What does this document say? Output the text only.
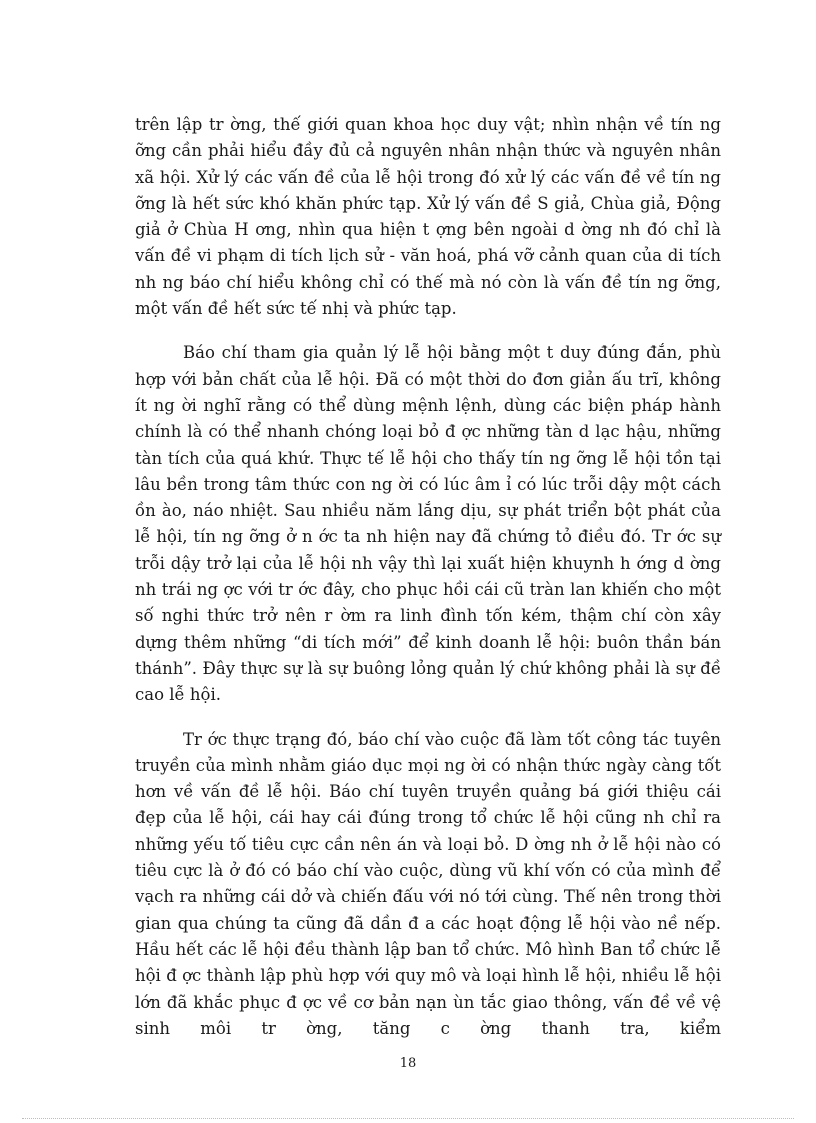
trên lập tr ờng, thế giới quan khoa học duy vật; nhìn nhận về tín ng ỡng cần phải hiểu đầy đủ cả nguyên nhân nhận thức và nguyên nhân xã hội. Xử lý các vấn đề của lễ hội trong đó xử lý các vấn đề về tín ng ỡng là hết sức khó khăn phức tạp. Xử lý vấn đề S giả, Chùa giả, Động giả ở Chùa H ơng, nhìn qua hiện t ợng bên ngoài d ờng nh đó chỉ là vấn đề vi phạm di tích lịch sử - văn hoá, phá vỡ cảnh quan của di tích nh ng báo chí hiểu không chỉ có thế mà nó còn là vấn đề tín ng ỡng, một vấn đề hết sức tế nhị và phức tạp.

Báo chí tham gia quản lý lễ hội bằng một t duy đúng đắn, phù hợp với bản chất của lễ hội. Đã có một thời do đơn giản ấu trĩ, không ít ng ời nghĩ rằng có thể dùng mệnh lệnh, dùng các biện pháp hành chính là có thể nhanh chóng loại bỏ đ ợc những tàn d lạc hậu, những tàn tích của quá khứ. Thực tế lễ hội cho thấy tín ng ỡng lễ hội tồn tại lâu bền trong tâm thức con ng ời có lúc âm ỉ có lúc trỗi dậy một cách ồn ào, náo nhiệt. Sau nhiều năm lắng dịu, sự phát triển bột phát của lễ hội, tín ng ỡng ở n ớc ta nh hiện nay đã chứng tỏ điều đó. Tr ớc sự trỗi dậy trở lại của lễ hội nh vậy thì lại xuất hiện khuynh h ớng d ờng nh trái ng ợc với tr ớc đây, cho phục hồi cái cũ tràn lan khiến cho một số nghi thức trở nên r ờm ra linh đình tốn kém, thậm chí còn xây dựng thêm những “di tích mới” để kinh doanh lễ hội: buôn thần bán thánh”. Đây thực sự là sự buông lỏng quản lý chứ không phải là sự đề cao lễ hội.

Tr ớc thực trạng đó, báo chí vào cuộc đã làm tốt công tác tuyên truyền của mình nhằm giáo dục mọi ng ời có nhận thức ngày càng tốt hơn về vấn đề lễ hội. Báo chí tuyên truyền quảng bá giới thiệu cái đẹp của lễ hội, cái hay cái đúng trong tổ chức lễ hội cũng nh chỉ ra những yếu tố tiêu cực cần nên án và loại bỏ. D ờng nh ở lễ hội nào có tiêu cực là ở đó có báo chí vào cuộc, dùng vũ khí vốn có của mình để vạch ra những cái dở và chiến đấu với nó tới cùng. Thế nên trong thời gian qua chúng ta cũng đã dần đ a các hoạt động lễ hội vào nề nếp. Hầu hết các lễ hội đều thành lập ban tổ chức. Mô hình Ban tổ chức lễ hội đ ợc thành lập phù hợp với quy mô và loại hình lễ hội, nhiều lễ hội lớn đã khắc phục đ ợc về cơ bản nạn ùn tắc giao thông, vấn đề về vệ sinh môi tr ờng, tăng c ờng thanh tra, kiểm

18
